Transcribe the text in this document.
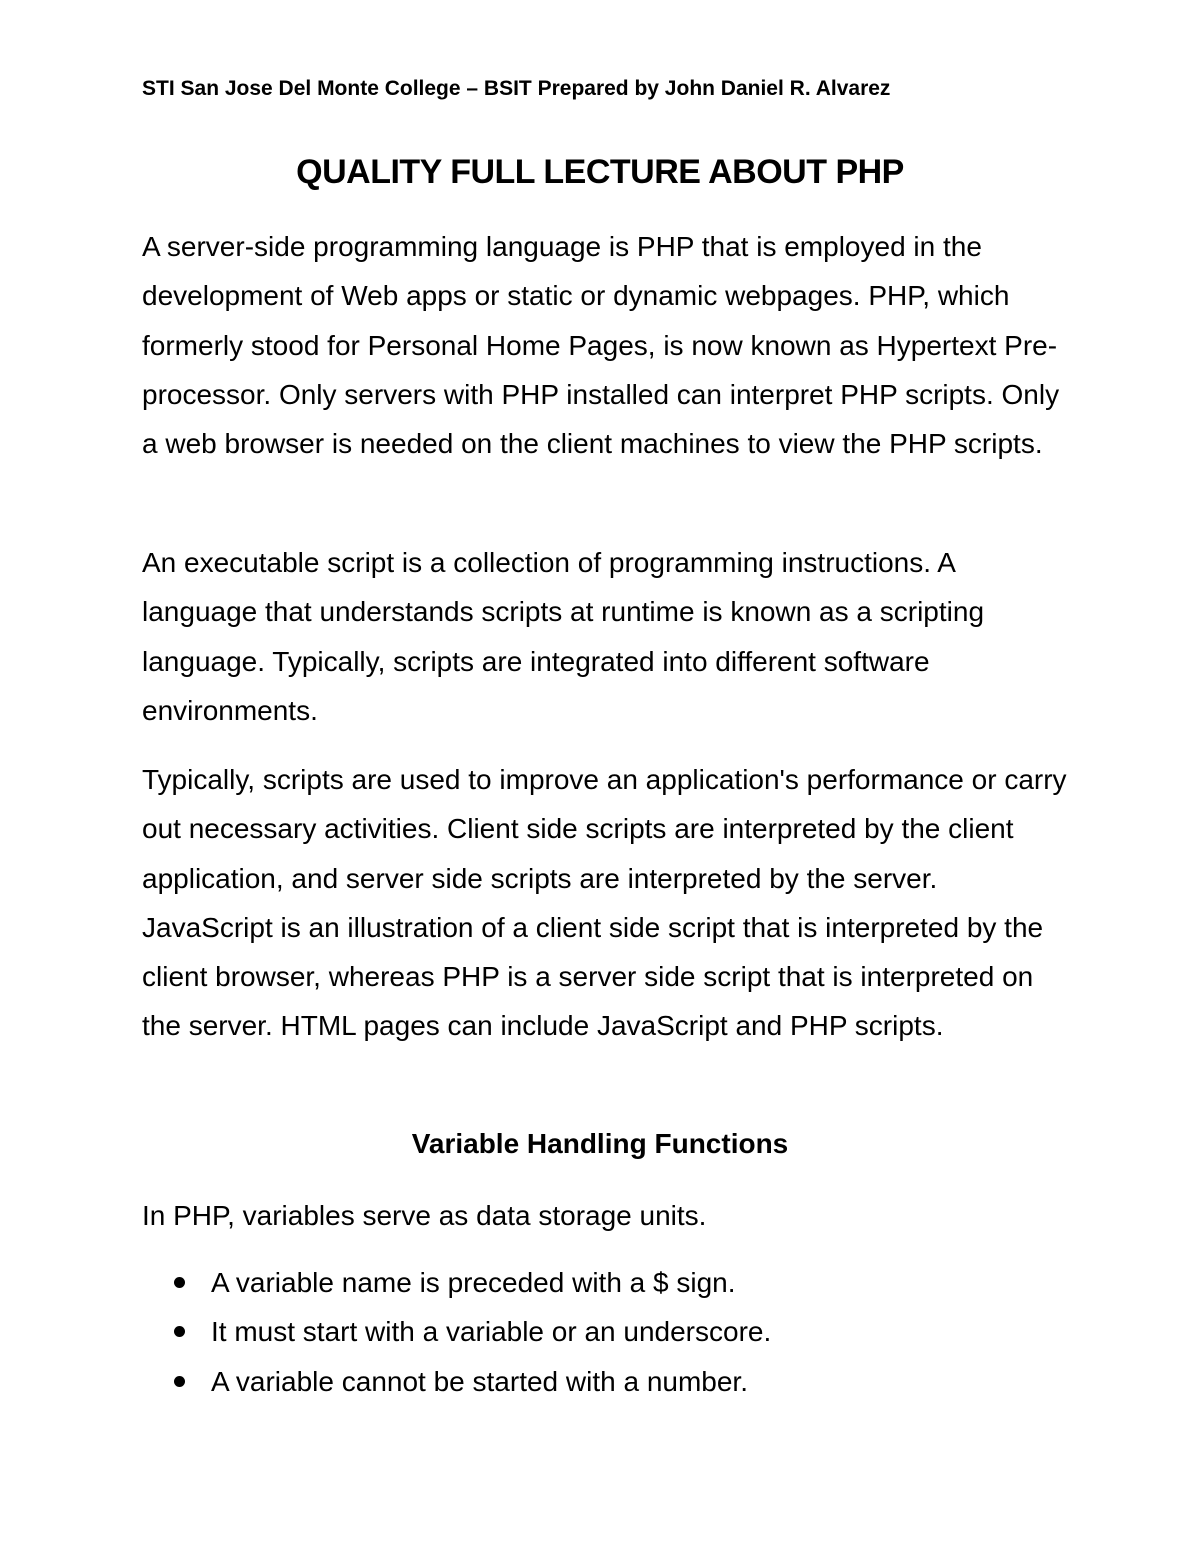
STI San Jose Del Monte College – BSIT Prepared by John Daniel R. Alvarez
QUALITY FULL LECTURE ABOUT PHP

A server-side programming language is PHP that is employed in the development of Web apps or static or dynamic webpages. PHP, which formerly stood for Personal Home Pages, is now known as Hypertext Pre-processor. Only servers with PHP installed can interpret PHP scripts. Only a web browser is needed on the client machines to view the PHP scripts.

An executable script is a collection of programming instructions. A language that understands scripts at runtime is known as a scripting language. Typically, scripts are integrated into different software environments.

Typically, scripts are used to improve an application's performance or carry out necessary activities. Client side scripts are interpreted by the client application, and server side scripts are interpreted by the server. JavaScript is an illustration of a client side script that is interpreted by the client browser, whereas PHP is a server side script that is interpreted on the server. HTML pages can include JavaScript and PHP scripts.

Variable Handling Functions

In PHP, variables serve as data storage units.

A variable name is preceded with a $ sign.
It must start with a variable or an underscore.
A variable cannot be started with a number.
